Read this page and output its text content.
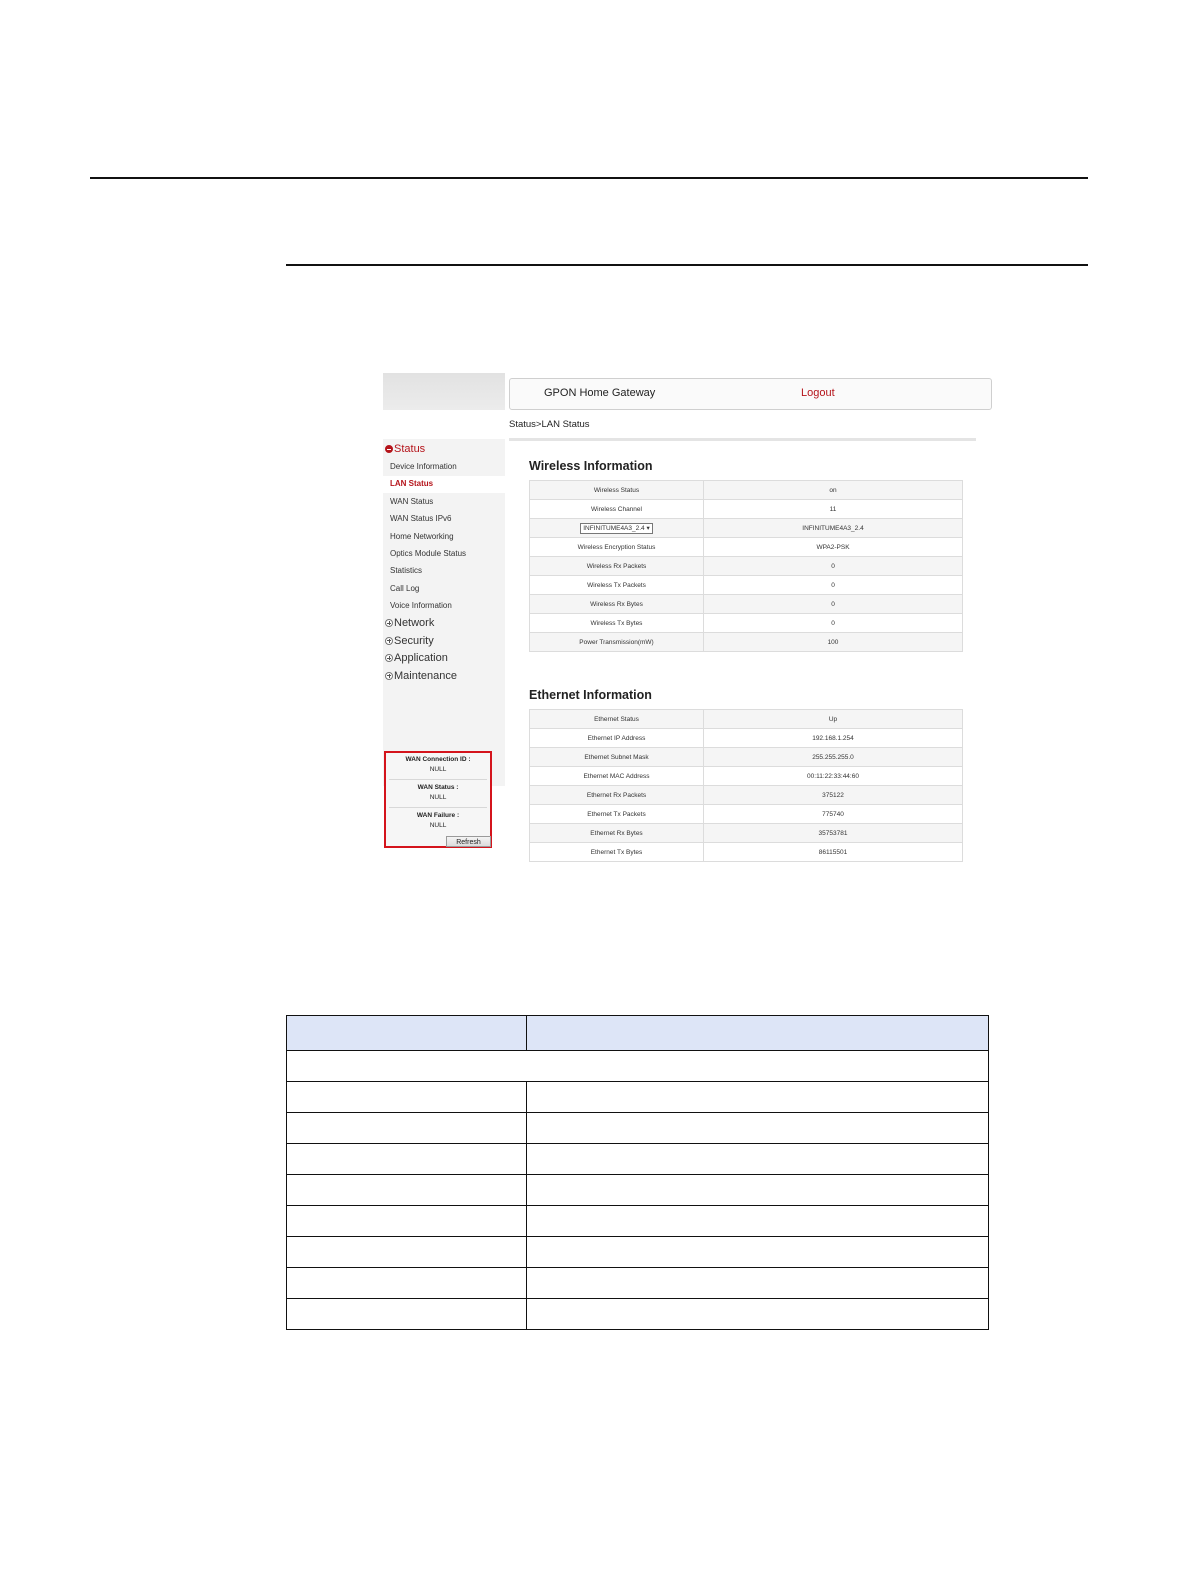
GPON Home Gateway	Logout
Status>LAN Status
Status
Device Information
LAN Status
WAN Status
WAN Status IPv6
Home Networking
Optics Module Status
Statistics
Call Log
Voice Information
Network
Security
Application
Maintenance
WAN Connection ID :
NULL
WAN Status :
NULL
WAN Failure :
NULL
Refresh
Wireless Information
Wireless Status	on
Wireless Channel	11
INFINITUME4A3_2.4 ▾	INFINITUME4A3_2.4
Wireless Encryption Status	WPA2-PSK
Wireless Rx Packets	0
Wireless Tx Packets	0
Wireless Rx Bytes	0
Wireless Tx Bytes	0
Power Transmission(mW)	100
Ethernet Information
Ethernet Status	Up
Ethernet IP Address	192.168.1.254
Ethernet Subnet Mask	255.255.255.0
Ethernet MAC Address	00:11:22:33:44:60
Ethernet Rx Packets	375122
Ethernet Tx Packets	775740
Ethernet Rx Bytes	35753781
Ethernet Tx Bytes	86115501
